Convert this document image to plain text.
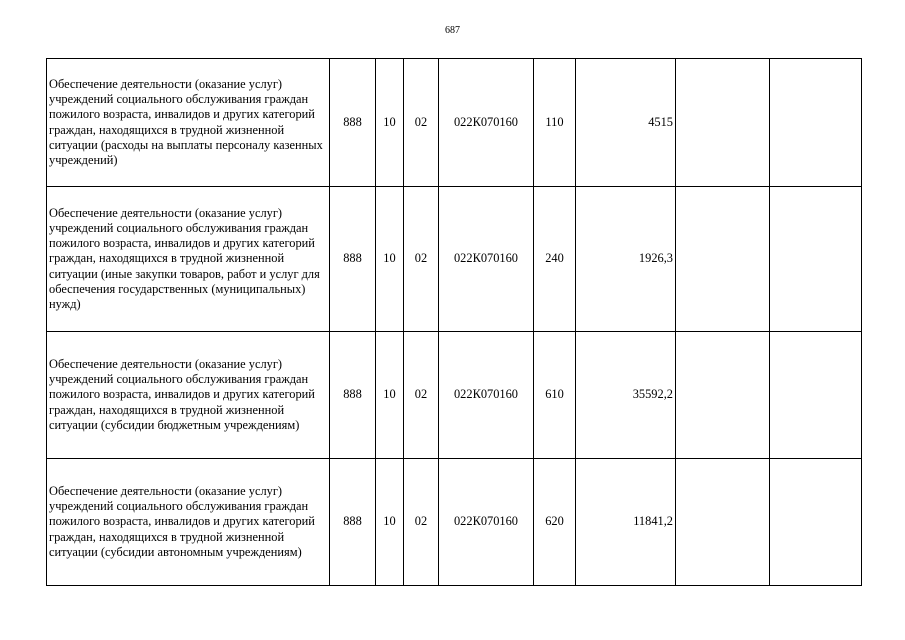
687
Обеспечение деятельности (оказание услуг) учреждений социального обслуживания граждан пожилого возраста, инвалидов и других категорий граждан, находящихся в трудной жизненной ситуации (расходы на выплаты персоналу казенных учреждений)	888	10	02	022К070160	110	4515		
Обеспечение деятельности (оказание услуг) учреждений социального обслуживания граждан пожилого возраста, инвалидов и других категорий граждан, находящихся в трудной жизненной ситуации (иные закупки товаров, работ и услуг для обеспечения государственных (муниципальных) нужд)	888	10	02	022К070160	240	1926,3		
Обеспечение деятельности (оказание услуг) учреждений социального обслуживания граждан пожилого возраста, инвалидов и других категорий граждан, находящихся в трудной жизненной ситуации (субсидии бюджетным учреждениям)	888	10	02	022К070160	610	35592,2		
Обеспечение деятельности (оказание услуг) учреждений социального обслуживания граждан пожилого возраста, инвалидов и других категорий граждан, находящихся в трудной жизненной ситуации (субсидии автономным учреждениям)	888	10	02	022К070160	620	11841,2		
